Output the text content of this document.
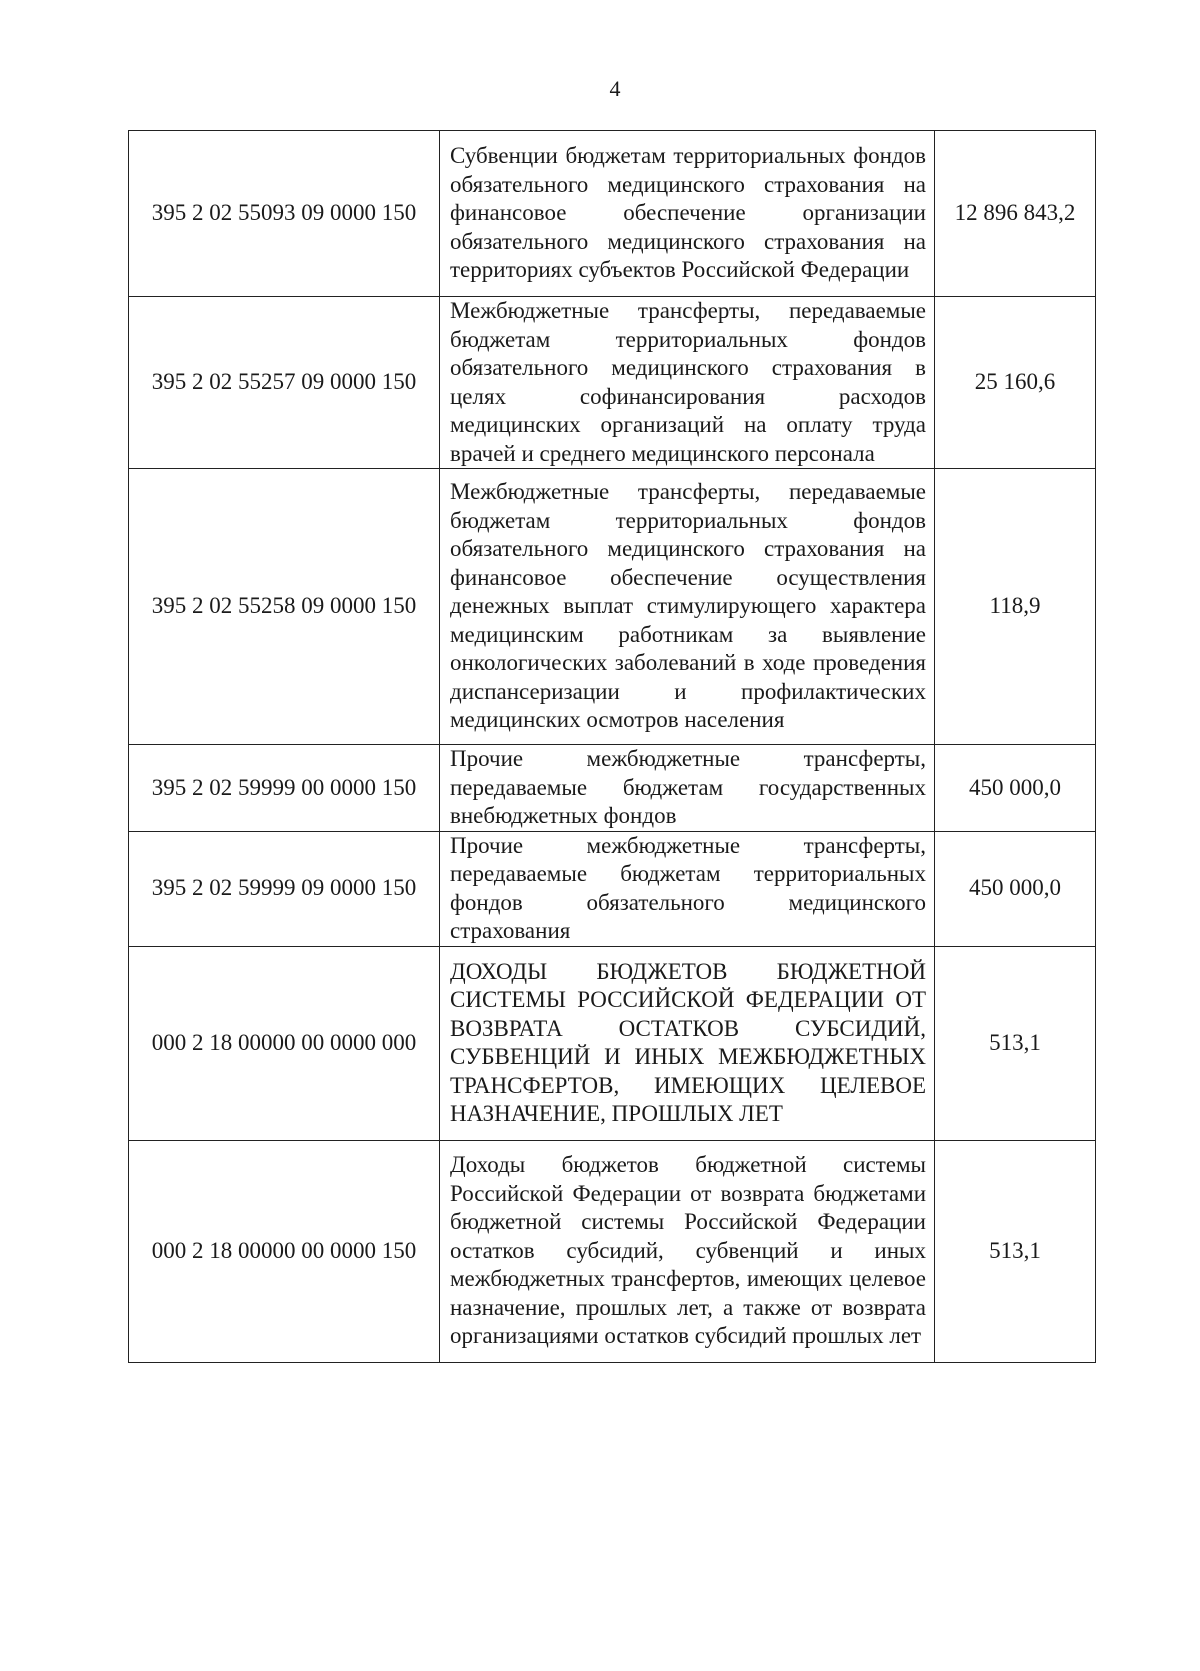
4
395 2 02 55093 09 0000 150	Субвенции бюджетам территориальных фондов обязательного медицинского страхования на финансовое обеспечение организации обязательного медицинского страхования на территориях субъектов Российской Федерации	12 896 843,2
395 2 02 55257 09 0000 150	Межбюджетные трансферты, передаваемые бюджетам территориальных фондов обязательного медицинского страхования в целях софинансирования расходов медицинских организаций на оплату труда врачей и среднего медицинского персонала	25 160,6
395 2 02 55258 09 0000 150	Межбюджетные трансферты, передаваемые бюджетам территориальных фондов обязательного медицинского страхования на финансовое обеспечение осуществления денежных выплат стимулирующего характера медицинским работникам за выявление онкологических заболеваний в ходе проведения диспансеризации и профилактических медицинских осмотров населения	118,9
395 2 02 59999 00 0000 150	Прочие межбюджетные трансферты, передаваемые бюджетам государственных внебюджетных фондов	450 000,0
395 2 02 59999 09 0000 150	Прочие межбюджетные трансферты, передаваемые бюджетам территориальных фондов обязательного медицинского страхования	450 000,0
000 2 18 00000 00 0000 000	ДОХОДЫ БЮДЖЕТОВ БЮДЖЕТНОЙ СИСТЕМЫ РОССИЙСКОЙ ФЕДЕРАЦИИ ОТ ВОЗВРАТА ОСТАТКОВ СУБСИДИЙ, СУБВЕНЦИЙ И ИНЫХ МЕЖБЮДЖЕТНЫХ ТРАНСФЕРТОВ, ИМЕЮЩИХ ЦЕЛЕВОЕ НАЗНАЧЕНИЕ, ПРОШЛЫХ ЛЕТ	513,1
000 2 18 00000 00 0000 150	Доходы бюджетов бюджетной системы Российской Федерации от возврата бюджетами бюджетной системы Российской Федерации остатков субсидий, субвенций и иных межбюджетных трансфертов, имеющих целевое назначение, прошлых лет, а также от возврата организациями остатков субсидий прошлых лет	513,1
